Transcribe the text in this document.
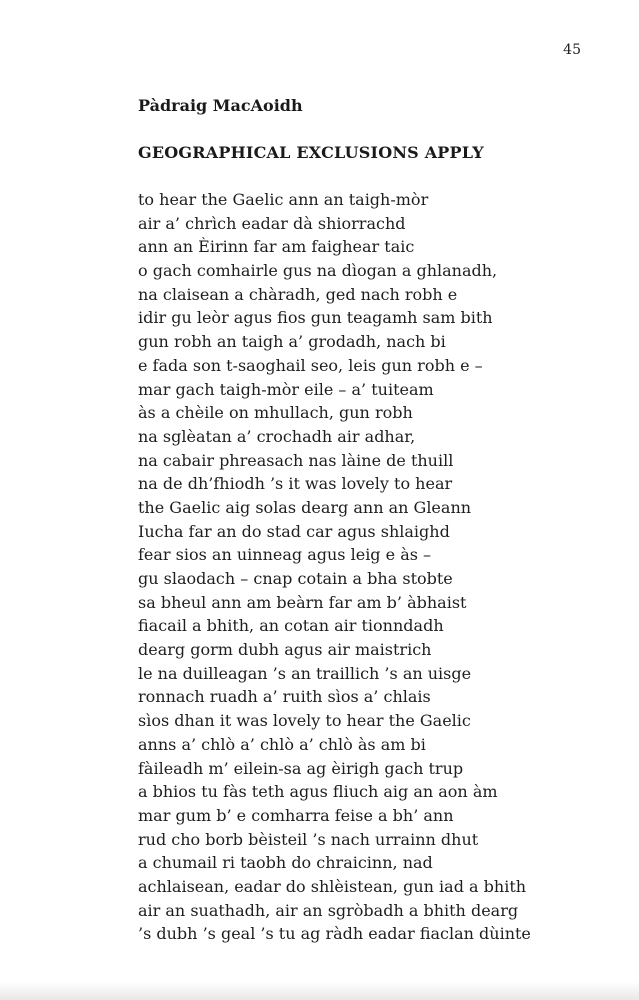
45
Pàdraig MacAoidh
GEOGRAPHICAL EXCLUSIONS APPLY
to hear the Gaelic ann an taigh-mòr
air a’ chrìch eadar dà shiorrachd
ann an Èirinn far am faighear taic
o gach comhairle gus na dìogan a ghlanadh,
na claisean a chàradh, ged nach robh e
idir gu leòr agus fios gun teagamh sam bith
gun robh an taigh a’ grodadh, nach bi
e fada son t-saoghail seo, leis gun robh e –
mar gach taigh-mòr eile – a’ tuiteam
às a chèile on mhullach, gun robh
na sglèatan a’ crochadh air adhar,
na cabair phreasach nas làine de thuill
na de dh’fhiodh ’s it was lovely to hear
the Gaelic aig solas dearg ann an Gleann
Iucha far an do stad car agus shlaighd
fear sios an uinneag agus leig e às –
gu slaodach – cnap cotain a bha stobte
sa bheul ann am beàrn far am b’ àbhaist
fiacail a bhith, an cotan air tionndadh
dearg gorm dubh agus air maistrich
le na duilleagan ’s an traillich ’s an uisge
ronnach ruadh a’ ruith sìos a’ chlais
sìos dhan it was lovely to hear the Gaelic
anns a’ chlò a’ chlò a’ chlò às am bi
fàileadh m’ eilein-sa ag èirigh gach trup
a bhios tu fàs teth agus fliuch aig an aon àm
mar gum b’ e comharra feise a bh’ ann
rud cho borb bèisteil ’s nach urrainn dhut
a chumail ri taobh do chraicinn, nad
achlaisean, eadar do shlèistean, gun iad a bhith
air an suathadh, air an sgròbadh a bhith dearg
’s dubh ’s geal ’s tu ag ràdh eadar fiaclan dùinte
